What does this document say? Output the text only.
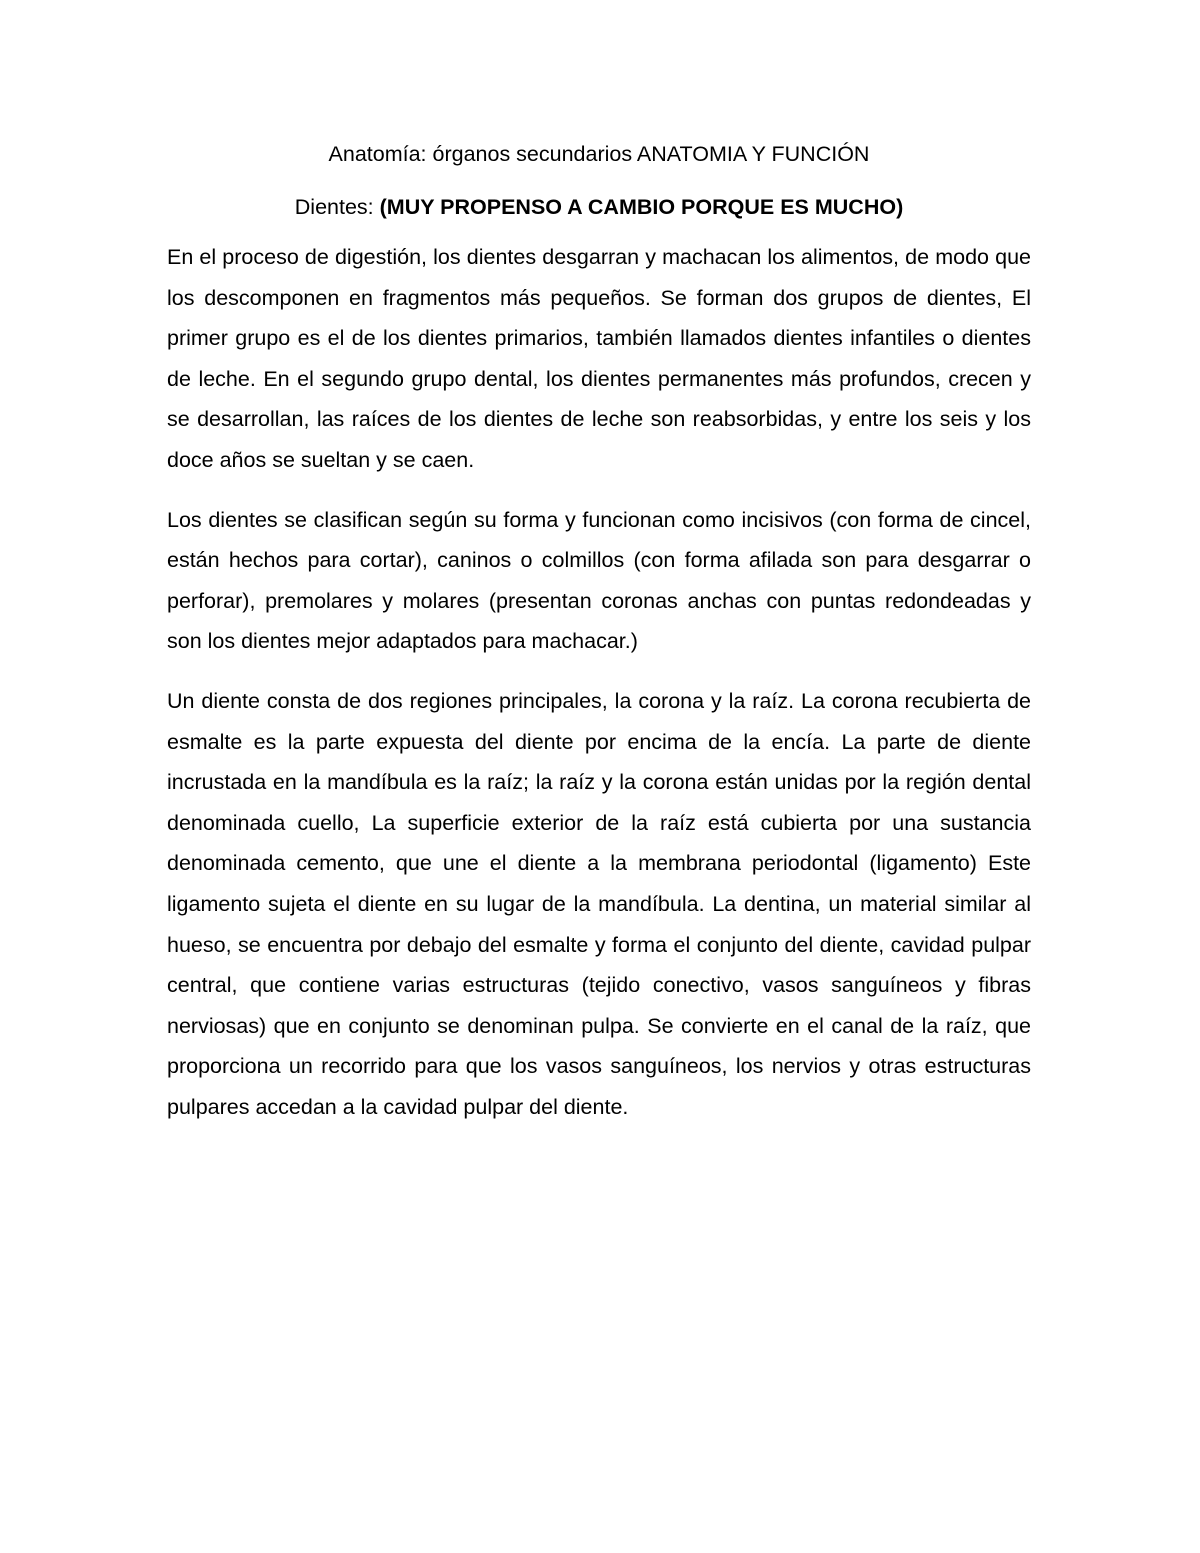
Anatomía: órganos secundarios ANATOMIA Y FUNCIÓN
Dientes: (MUY PROPENSO A CAMBIO PORQUE ES MUCHO)

En el proceso de digestión, los dientes desgarran y machacan los alimentos, de modo que los descomponen en fragmentos más pequeños. Se forman dos grupos de dientes, El primer grupo es el de los dientes primarios, también llamados dientes infantiles o dientes de leche. En el segundo grupo dental, los dientes permanentes más profundos, crecen y se desarrollan, las raíces de los dientes de leche son reabsorbidas, y entre los seis y los doce años se sueltan y se caen.

Los dientes se clasifican según su forma y funcionan como incisivos (con forma de cincel, están hechos para cortar), caninos o colmillos (con forma afilada son para desgarrar o perforar), premolares y molares (presentan coronas anchas con puntas redondeadas y son los dientes mejor adaptados para machacar.)

Un diente consta de dos regiones principales, la corona y la raíz. La corona recubierta de esmalte es la parte expuesta del diente por encima de la encía. La parte de diente incrustada en la mandíbula es la raíz; la raíz y la corona están unidas por la región dental denominada cuello, La superficie exterior de la raíz está cubierta por una sustancia denominada cemento, que une el diente a la membrana periodontal (ligamento) Este ligamento sujeta el diente en su lugar de la mandíbula. La dentina, un material similar al hueso, se encuentra por debajo del esmalte y forma el conjunto del diente, cavidad pulpar central, que contiene varias estructuras (tejido conectivo, vasos sanguíneos y fibras nerviosas) que en conjunto se denominan pulpa. Se convierte en el canal de la raíz, que proporciona un recorrido para que los vasos sanguíneos, los nervios y otras estructuras pulpares accedan a la cavidad pulpar del diente.
